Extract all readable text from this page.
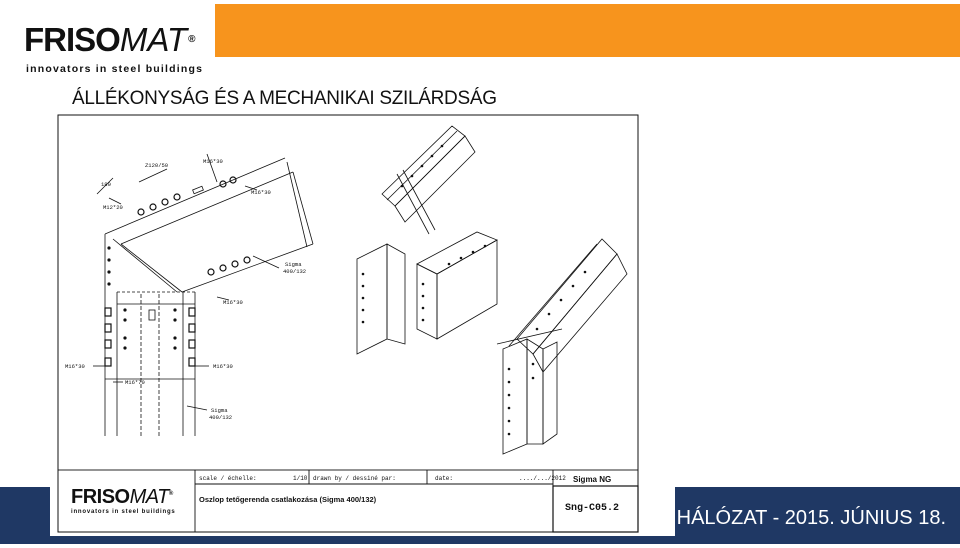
FRISOMAT®
innovators in steel buildings
ÁLLÉKONYSÁG ÉS A MECHANIKAI SZILÁRDSÁG
HÁLÓZAT - 2015. JÚNIUS 18.
Z120/50
M16*30
M16*30
M12*20
180
Sigma
400/132
M16*30
M16*30	M16*30
M16*70
Sigma
400/132
scale / échelle:	1/10 drawn by / dessiné par:	date:	..../.../2012 Sigma NG
Oszlop tetőgerenda csatlakozása (Sigma 400/132)
Sng-C05.2
FRISOMAT®
innovators in steel buildings
